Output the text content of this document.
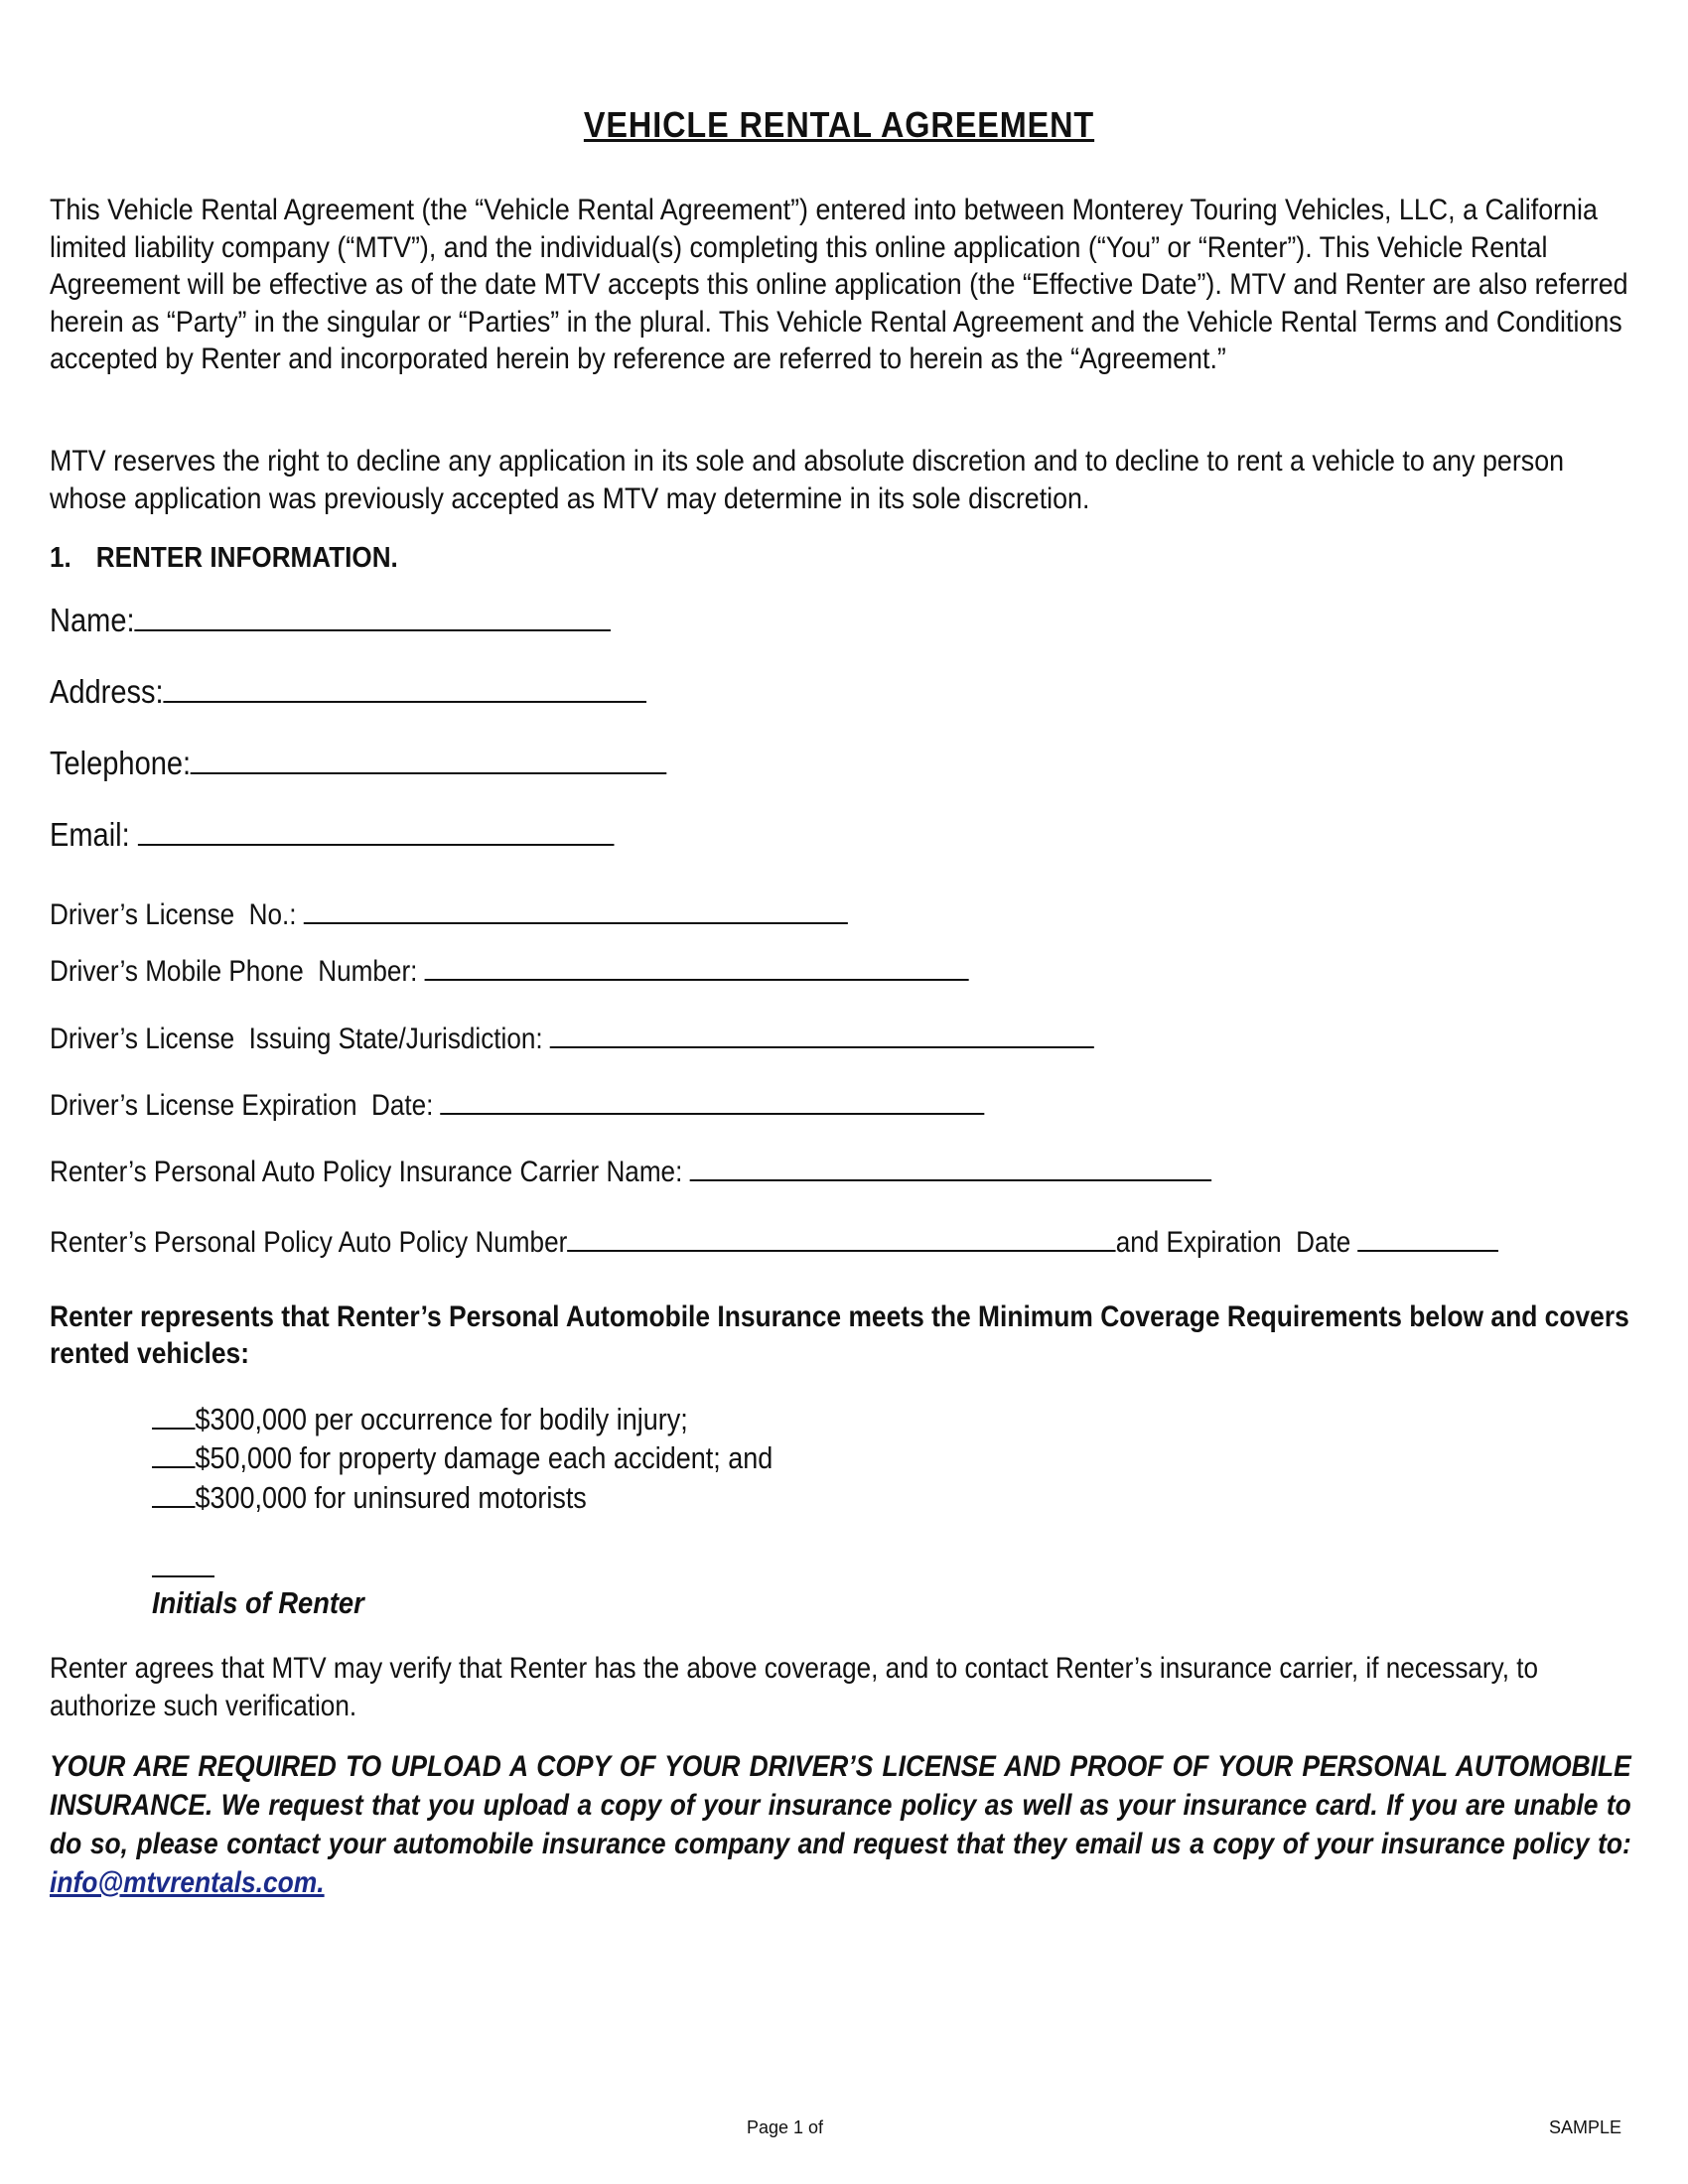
VEHICLE RENTAL AGREEMENT

This Vehicle Rental Agreement (the “Vehicle Rental Agreement”) entered into between Monterey Touring Vehicles, LLC, a California limited liability company (“MTV”), and the individual(s) completing this online application (“You” or “Renter”). This Vehicle Rental Agreement will be effective as of the date MTV accepts this online application (the “Effective Date”). MTV and Renter are also referred herein as “Party” in the singular or “Parties” in the plural. This Vehicle Rental Agreement and the Vehicle Rental Terms and Conditions accepted by Renter and incorporated herein by reference are referred to herein as the “Agreement.”

MTV reserves the right to decline any application in its sole and absolute discretion and to decline to rent a vehicle to any person whose application was previously accepted as MTV may determine in its sole discretion.

1. RENTER INFORMATION.
Name:
Address:
Telephone:
Email:
Driver’s License  No.:
Driver’s Mobile Phone  Number:
Driver’s License  Issuing State/Jurisdiction:
Driver’s License Expiration  Date:
Renter’s Personal Auto Policy Insurance Carrier Name:
Renter’s Personal Policy Auto Policy Number	and Expiration  Date
Renter represents that Renter’s Personal Automobile Insurance meets the Minimum Coverage Requirements below and covers rented vehicles:
$300,000 per occurrence for bodily injury;
$50,000 for property damage each accident; and
$300,000 for uninsured motorists
Initials of Renter

Renter agrees that MTV may verify that Renter has the above coverage, and to contact Renter’s insurance carrier, if necessary, to authorize such verification.

YOUR ARE REQUIRED TO UPLOAD A COPY OF YOUR DRIVER’S LICENSE AND PROOF OF YOUR PERSONAL AUTOMOBILE INSURANCE. We request that you upload a copy of your insurance policy as well as your insurance card. If you are unable to do so, please contact your automobile insurance company and request that they email us a copy of your insurance policy to: info@mtvrentals.com.
Page 1 of	SAMPLE
